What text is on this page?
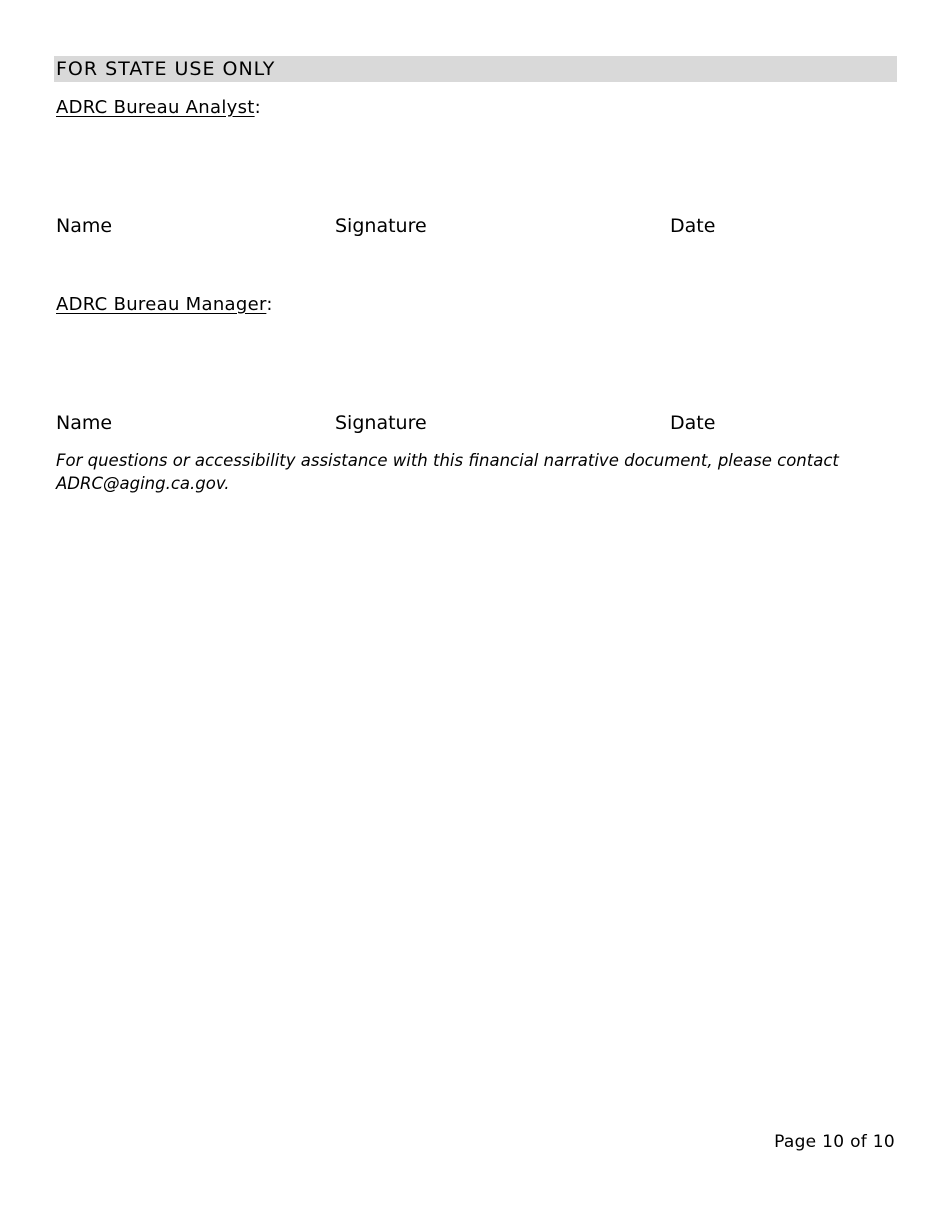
FOR STATE USE ONLY
ADRC Bureau Analyst:
Name	Signature	Date
ADRC Bureau Manager:
Name	Signature	Date
For questions or accessibility assistance with this financial narrative document, please contact ADRC@aging.ca.gov.
Page 10 of 10
